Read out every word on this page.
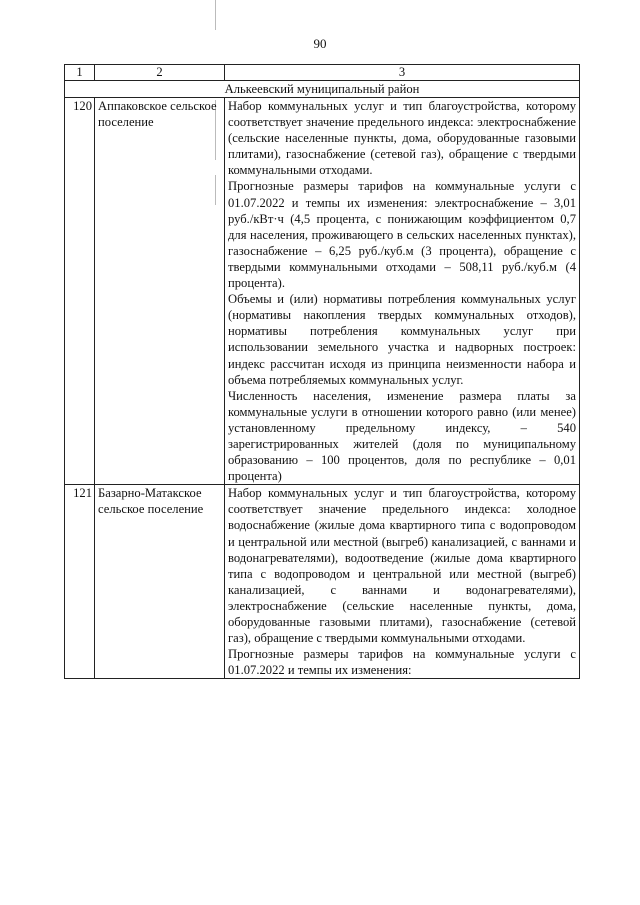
90
1	2	3
Алькеевский муниципальный район		
120	Аппаковское сельское поселение	Набор коммунальных услуг и тип благоустройства, которому соответствует значение предельного индекса: электроснабжение (сельские населенные пункты, дома, оборудованные газовыми плитами), газоснабжение (сетевой газ), обращение с твердыми коммунальными отходами.

Прогнозные размеры тарифов на коммунальные услуги с 01.07.2022 и темпы их изменения: электроснабжение – 3,01 руб./кВт·ч (4,5 процента, с понижающим коэффициентом 0,7 для населения, проживающего в сельских населенных пунктах), газоснабжение – 6,25 руб./куб.м (3 процента), обращение с твердыми коммунальными отходами – 508,11 руб./куб.м (4 процента).

Объемы и (или) нормативы потребления коммунальных услуг (нормативы накопления твердых коммунальных отходов), нормативы потребления коммунальных услуг при использовании земельного участка и надворных построек: индекс рассчитан исходя из принципа неизменности набора и объема потребляемых коммунальных услуг.

Численность населения, изменение размера платы за коммунальные услуги в отношении которого равно (или менее) установленному предельному индексу, – 540 зарегистрированных жителей (доля по муниципальному образованию – 100 процентов, доля по республике – 0,01 процента)

121	Базарно-Матакское сельское поселение	Набор коммунальных услуг и тип благоустройства, которому соответствует значение предельного индекса: холодное водоснабжение (жилые дома квартирного типа с водопроводом и центральной или местной (выгреб) канализацией, с ваннами и водонагревателями), водоотведение (жилые дома квартирного типа с водопроводом и центральной или местной (выгреб) канализацией, с ваннами и водонагревателями), электроснабжение (сельские населенные пункты, дома, оборудованные газовыми плитами), газоснабжение (сетевой газ), обращение с твердыми коммунальными отходами.

Прогнозные размеры тарифов на коммунальные услуги с 01.07.2022 и темпы их изменения:
